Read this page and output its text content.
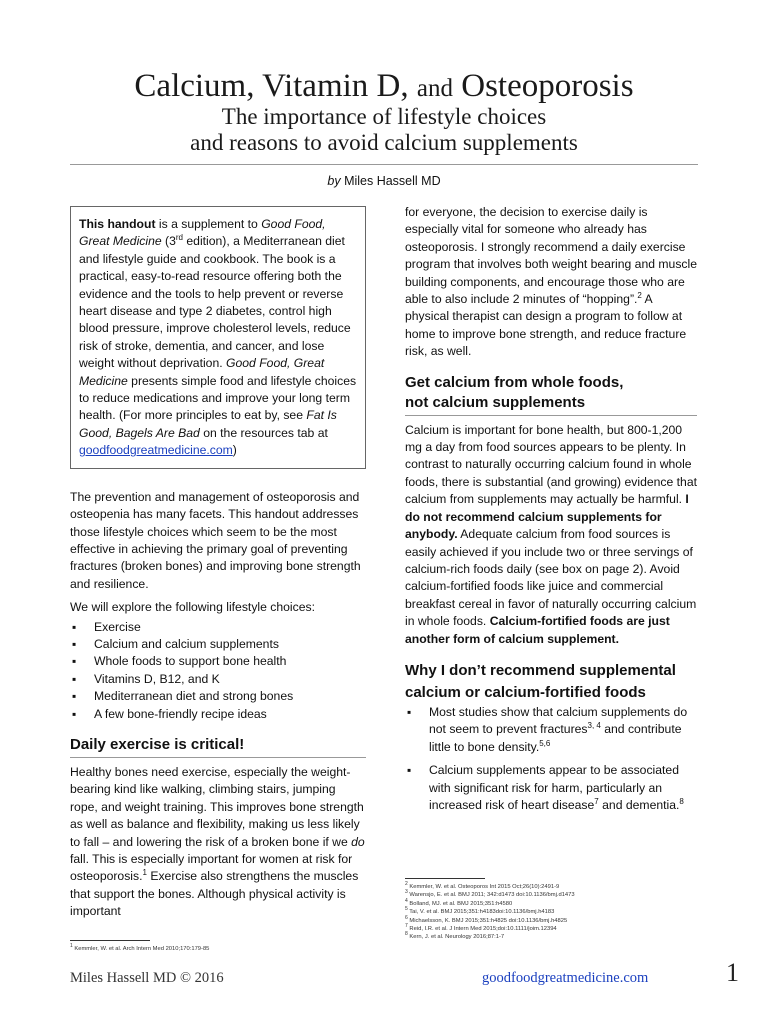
Calcium, Vitamin D, and Osteoporosis
The importance of lifestyle choices
and reasons to avoid calcium supplements
by Miles Hassell MD

This handout is a supplement to Good Food, Great Medicine (3rd edition), a Mediterranean diet and lifestyle guide and cookbook. The book is a practical, easy-to-read resource offering both the evidence and the tools to help prevent or reverse heart disease and type 2 diabetes, control high blood pressure, improve cholesterol levels, reduce risk of stroke, dementia, and cancer, and lose weight without deprivation. Good Food, Great Medicine presents simple food and lifestyle choices to reduce medications and improve your long term health. (For more principles to eat by, see Fat Is Good, Bagels Are Bad on the resources tab at goodfoodgreatmedicine.com)

The prevention and management of osteoporosis and osteopenia has many facets. This handout addresses those lifestyle choices which seem to be the most effective in achieving the primary goal of preventing fractures (broken bones) and improving bone strength and resilience.

We will explore the following lifestyle choices:

▪ Exercise
▪ Calcium and calcium supplements
▪ Whole foods to support bone health
▪ Vitamins D, B12, and K
▪ Mediterranean diet and strong bones
▪ A few bone-friendly recipe ideas
Daily exercise is critical!

Healthy bones need exercise, especially the weight-bearing kind like walking, climbing stairs, jumping rope, and weight training. This improves bone strength as well as balance and flexibility, making us less likely to fall – and lowering the risk of a broken bone if we do fall. This is especially important for women at risk for osteoporosis.$^1$ Exercise also strengthens the muscles that support the bones. Although physical activity is important

$^1$ Kemmler, W. et al. Arch Intern Med 2010;170:179-85

for everyone, the decision to exercise daily is especially vital for someone who already has osteoporosis. I strongly recommend a daily exercise program that involves both weight bearing and muscle building components, and encourage those who are able to also include 2 minutes of “hopping”.$^2$ A physical therapist can design a program to follow at home to improve bone strength, and reduce fracture risk, as well.

Get calcium from whole foods,
not calcium supplements

Calcium is important for bone health, but 800-1,200 mg a day from food sources appears to be plenty. In contrast to naturally occurring calcium found in whole foods, there is substantial (and growing) evidence that calcium from supplements may actually be harmful. I do not recommend calcium supplements for anybody. Adequate calcium from food sources is easily achieved if you include two or three servings of calcium-rich foods daily (see box on page 2). Avoid calcium-fortified foods like juice and commercial breakfast cereal in favor of naturally occurring calcium in whole foods. Calcium-fortified foods are just another form of calcium supplement.

Why I don’t recommend supplemental
calcium or calcium-fortified foods
▪ Most studies show that calcium supplements do not seem to prevent fractures$^{3, 4}$ and contribute little to bone density.$^{5,6}$
▪ Calcium supplements appear to be associated with significant risk for harm, particularly an increased risk of heart disease$^7$ and dementia.$^8$
$^2$ Kemmler, W. et al. Osteoporos Int 2015 Oct;26(10):2491-9
$^3$ Warensjo, E. et al. BMJ 2011; 342:d1473 doi:10.1136/bmj.d1473
$^4$ Bolland, MJ. et al. BMJ 2015;351:h4580
$^5$ Tai, V. et al. BMJ 2015;351:h4183doi:10.1136/bmj.h4183
$^6$ Michaelsson, K. BMJ 2015;351:h4825 doi:10.1136/bmj.h4825
$^7$ Reid, I.R. et al. J Intern Med 2015;doi:10.1111/joim.12394
$^8$ Kern, J. et al. Neurology 2016;87:1-7
Miles Hassell MD © 2016	goodfoodgreatmedicine.com	1
